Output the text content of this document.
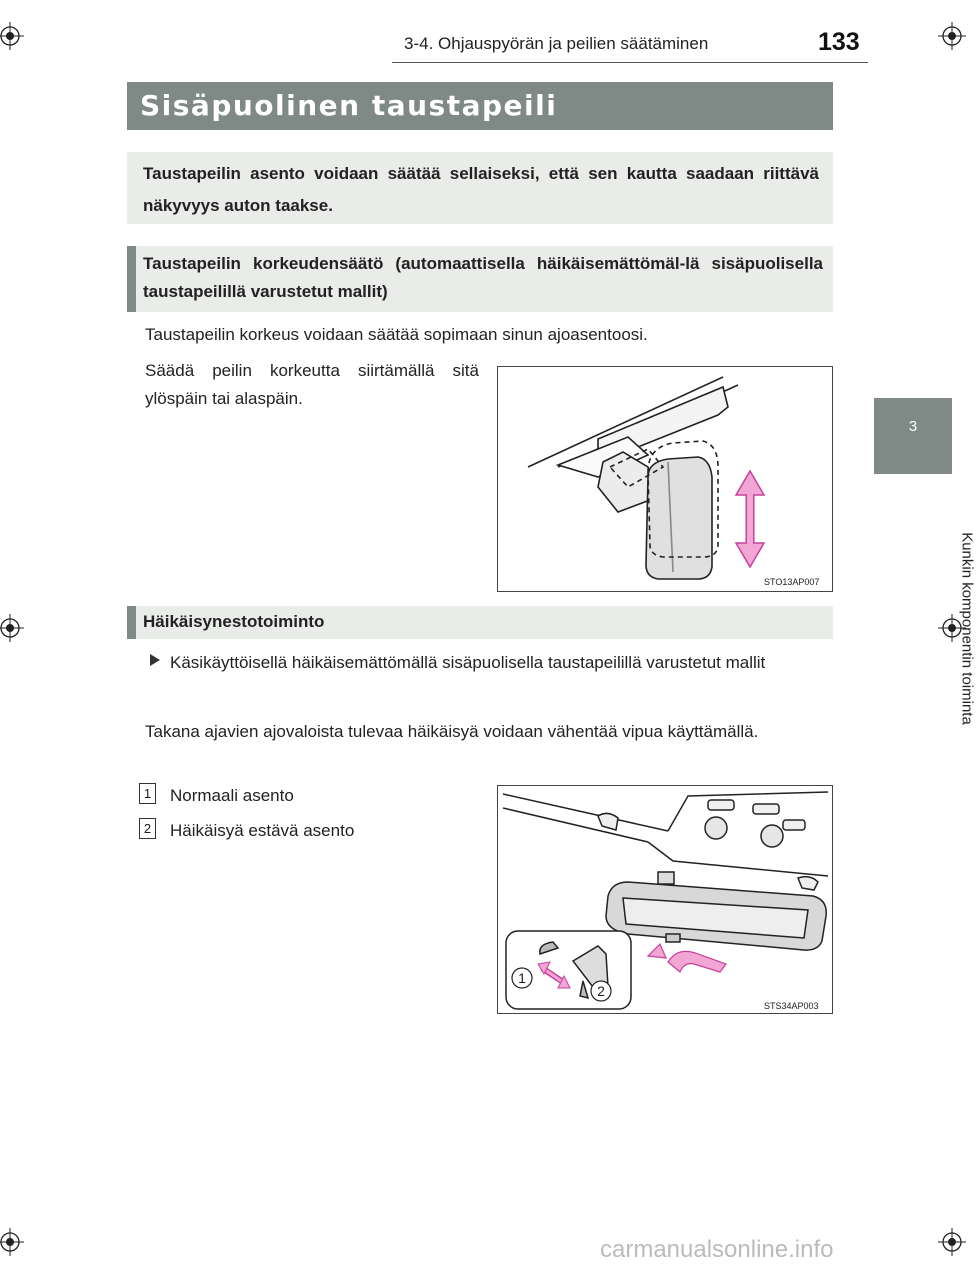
3-4. Ohjauspyörän ja peilien säätäminen	133
3
Kunkin komponentin toiminta
Sisäpuolinen taustapeili
Taustapeilin asento voidaan säätää sellaiseksi, että sen kautta saadaan riittävä näkyvyys auton taakse.
Taustapeilin korkeudensäätö (automaattisella häikäisemättömäl-lä sisäpuolisella taustapeilillä varustetut mallit)
Taustapeilin korkeus voidaan säätää sopimaan sinun ajoasentoosi.
Säädä peilin korkeutta siirtämällä sitä ylöspäin tai alaspäin.
STO13AP007
Häikäisynestotoiminto
Käsikäyttöisellä häikäisemättömällä sisäpuolisella taustapeilillä varustetut mallit
Takana ajavien ajovaloista tulevaa häikäisyä voidaan vähentää vipua käyttämällä.
1 Normaali asento
2 Häikäisyä estävä asento
1
2
STS34AP003
carmanualsonline.info
